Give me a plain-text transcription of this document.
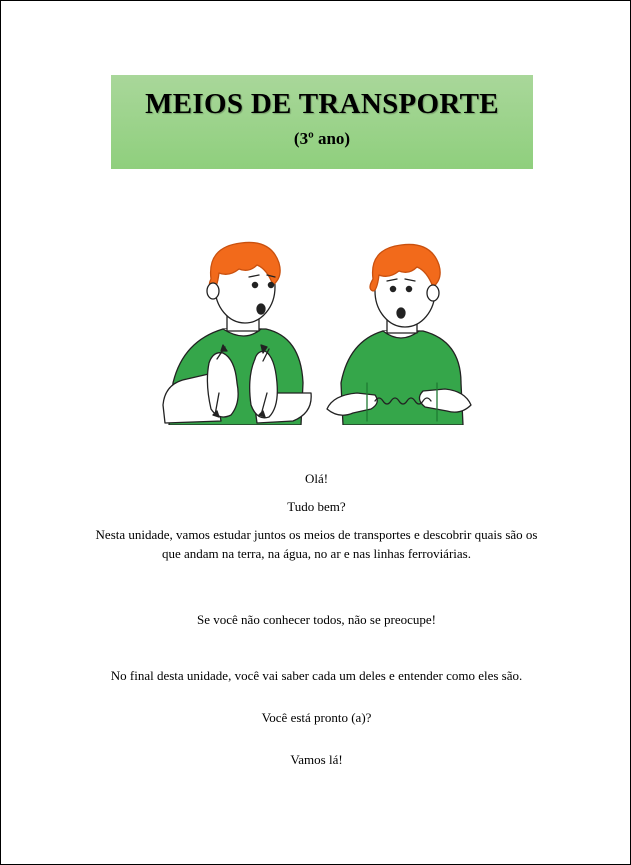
MEIOS DE TRANSPORTE
(3º ano)
Olá!
Tudo bem?
Nesta unidade, vamos estudar juntos os meios de transportes e descobrir quais são os
que andam na terra, na água, no ar e nas linhas ferroviárias.
Se você não conhecer todos, não se preocupe!
No final desta unidade, você vai saber cada um deles e entender como eles são.
Você está pronto (a)?
Vamos lá!
